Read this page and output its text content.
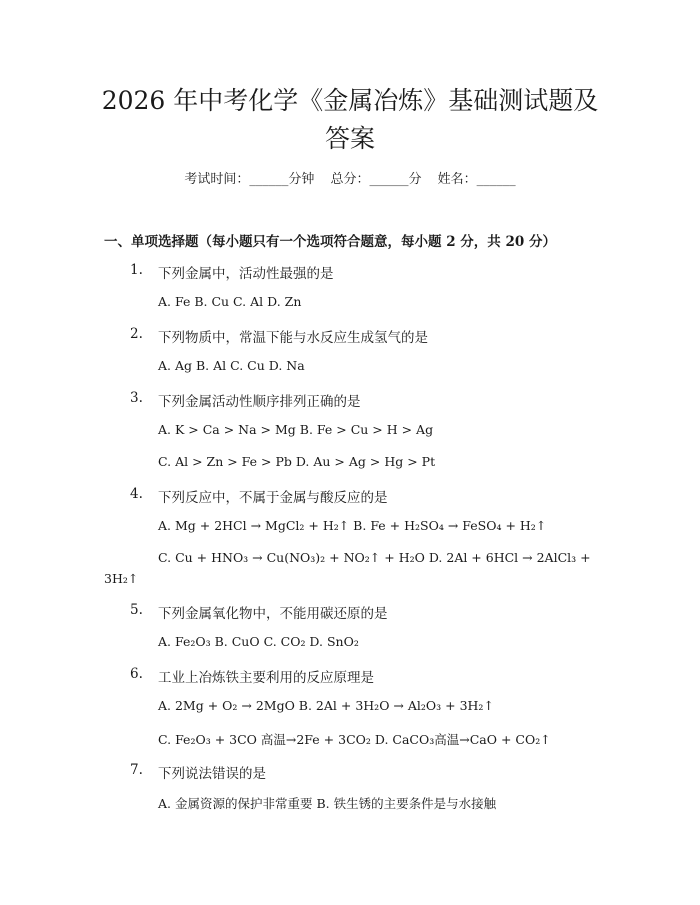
2026 年中考化学《金属冶炼》基础测试题及
答案
考试时间：______分钟 总分：______分 姓名：______
一、单项选择题（每小题只有一个选项符合题意，每小题 2 分，共 20 分）
1. 下列金属中，活动性最强的是
A. Fe B. Cu C. Al D. Zn
2. 下列物质中，常温下能与水反应生成氢气的是
A. Ag B. Al C. Cu D. Na
3. 下列金属活动性顺序排列正确的是
A. K > Ca > Na > Mg B. Fe > Cu > H > Ag
C. Al > Zn > Fe > Pb D. Au > Ag > Hg > Pt
4. 下列反应中，不属于金属与酸反应的是
A. Mg + 2HCl → MgCl₂ + H₂↑ B. Fe + H₂SO₄ → FeSO₄ + H₂↑
C. Cu + HNO₃ → Cu(NO₃)₂ + NO₂↑ + H₂O D. 2Al + 6HCl → 2AlCl₃ +
3H₂↑
5. 下列金属氧化物中，不能用碳还原的是
A. Fe₂O₃ B. CuO C. CO₂ D. SnO₂
6. 工业上冶炼铁主要利用的反应原理是
A. 2Mg + O₂ → 2MgO B. 2Al + 3H₂O → Al₂O₃ + 3H₂↑
C. Fe₂O₃ + 3CO 高温→2Fe + 3CO₂ D. CaCO₃高温→CaO + CO₂↑
7. 下列说法错误的是
A. 金属资源的保护非常重要 B. 铁生锈的主要条件是与水接触
